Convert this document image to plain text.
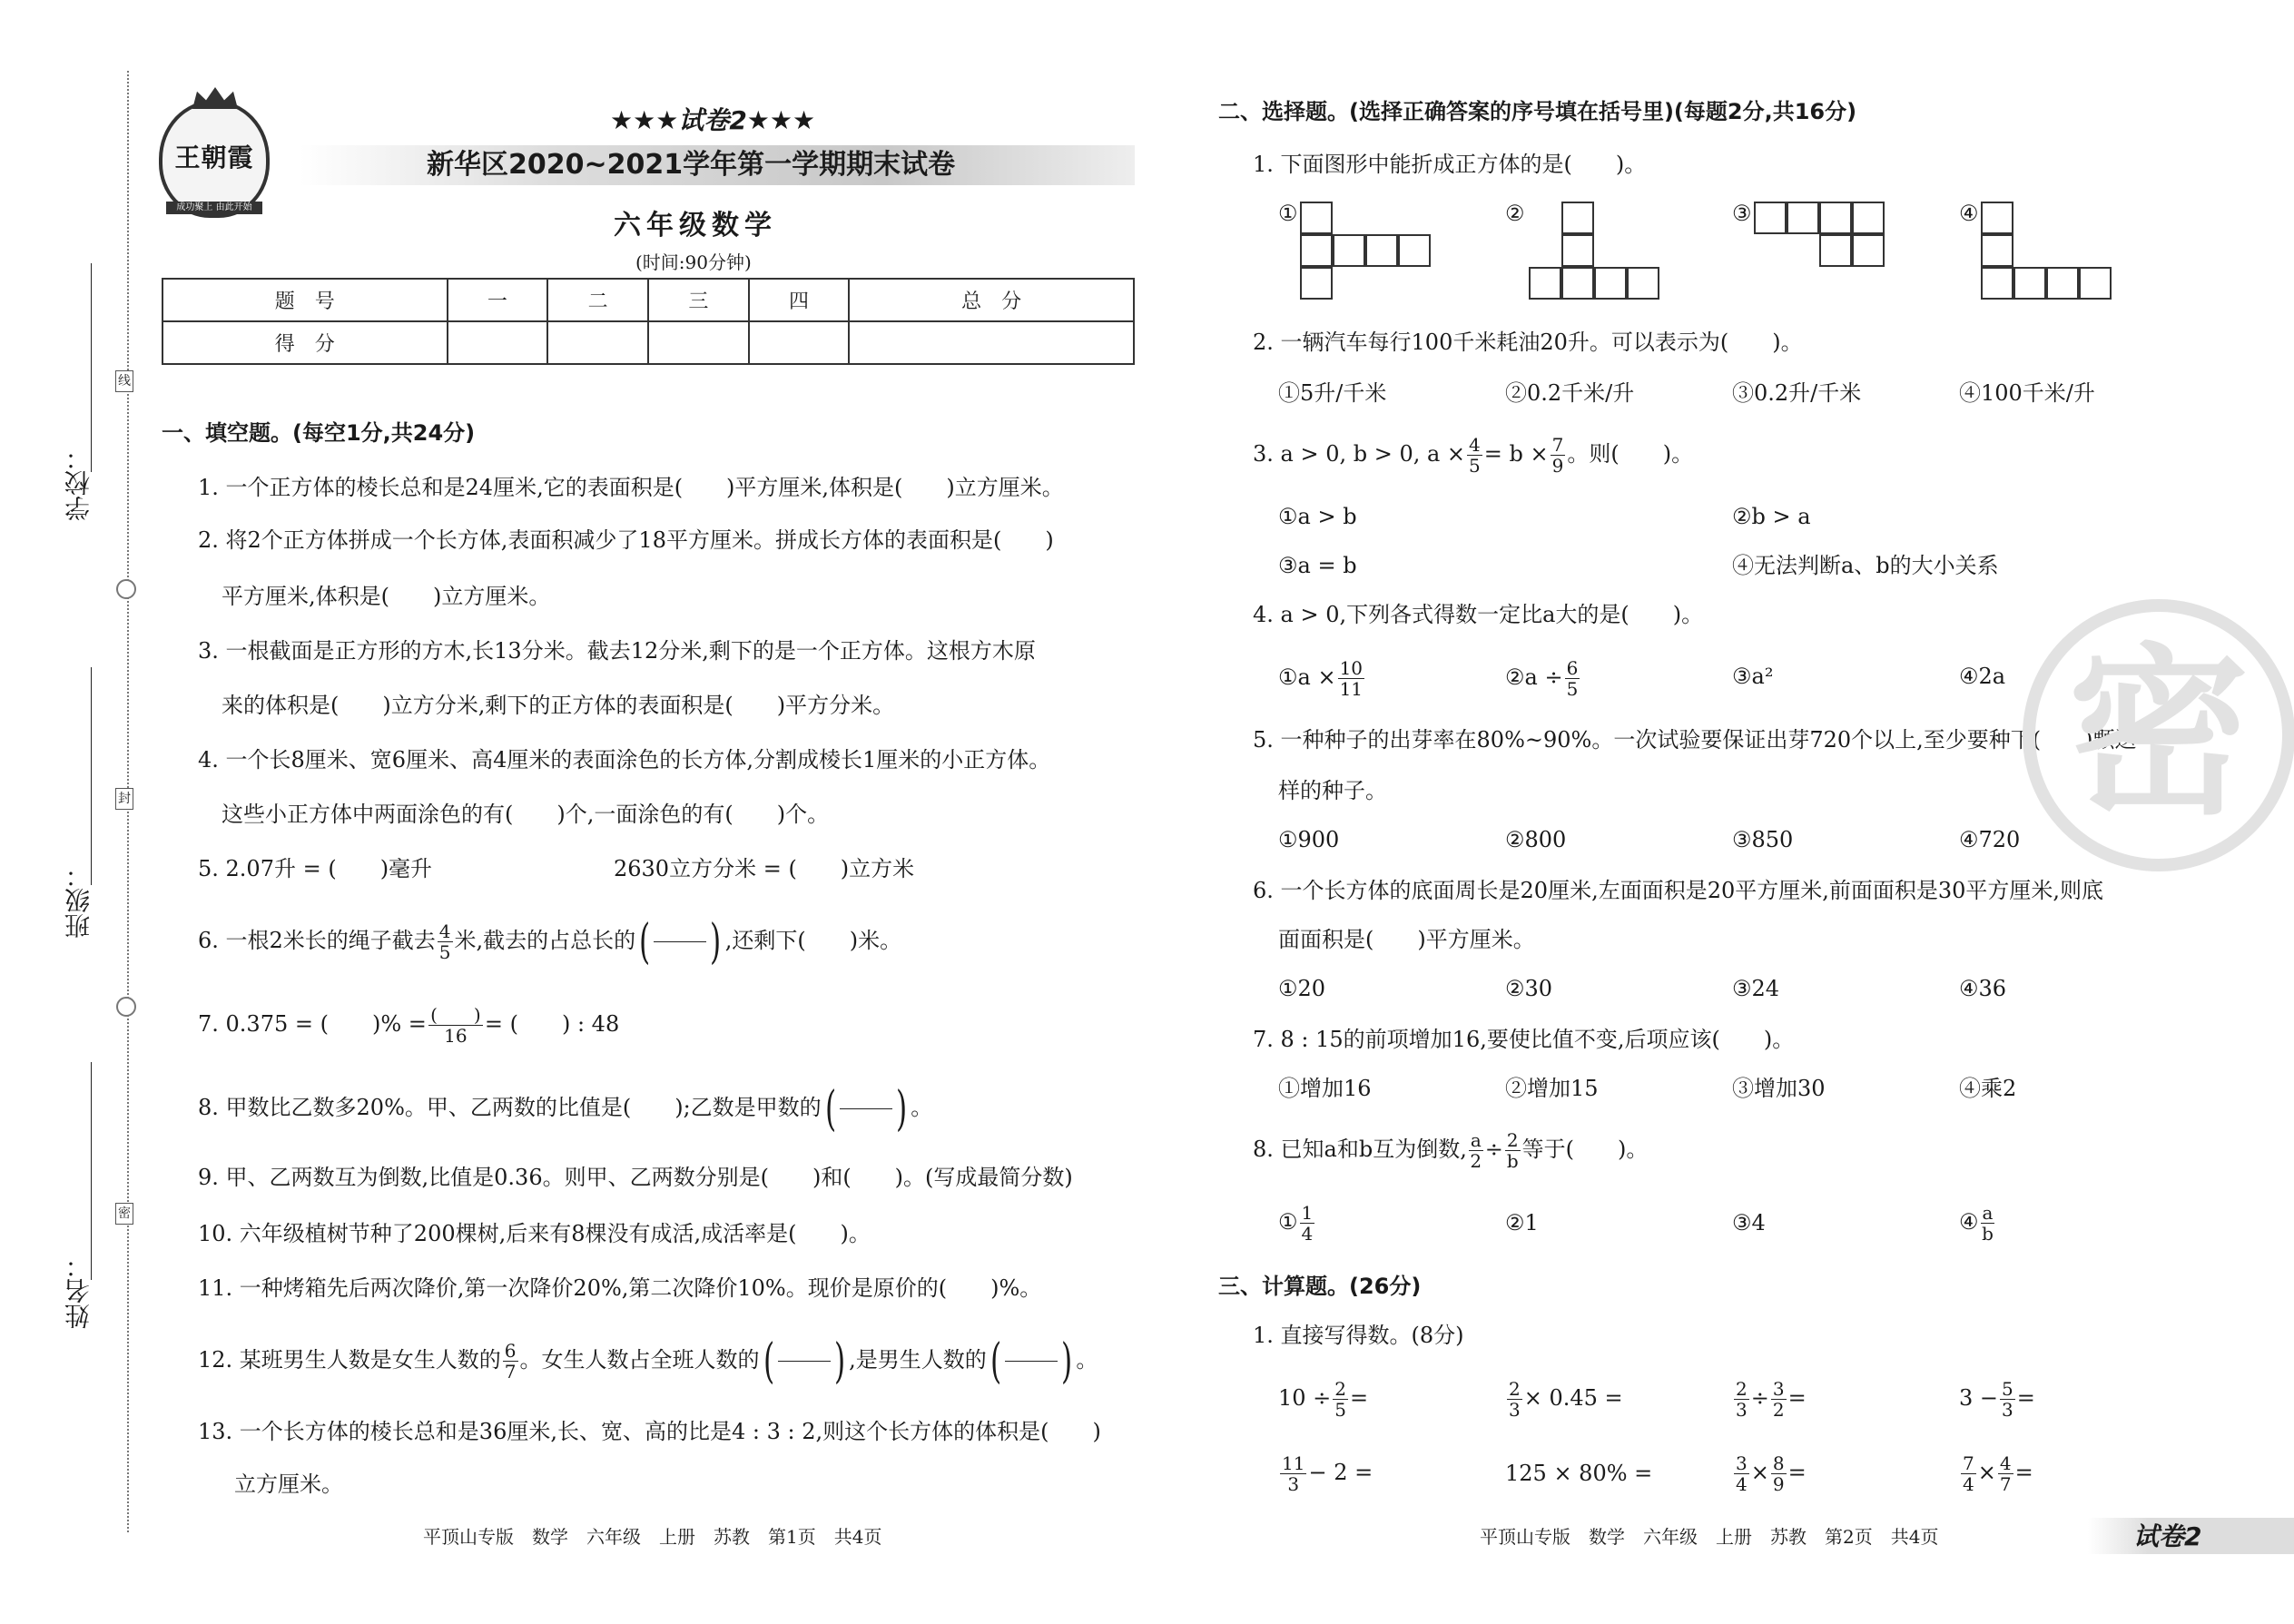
学校：
班级：
姓名：
线
封
密
王朝霞
成功聚上 由此开始
★★★试卷2★★★
新华区2020~2021学年第一学期期末试卷
六年级数学
(时间:90分钟)
题　号	一	二	三	四	总　分
得　分					
一、填空题。(每空1分,共24分)
1. 一个正方体的棱长总和是24厘米,它的表面积是(　　)平方厘米,体积是(　　)立方厘米。
2. 将2个正方体拼成一个长方体,表面积减少了18平方厘米。拼成长方体的表面积是(　　)
平方厘米,体积是(　　)立方厘米。
3. 一根截面是正方形的方木,长13分米。截去12分米,剩下的是一个正方体。这根方木原
来的体积是(　　)立方分米,剩下的正方体的表面积是(　　)平方分米。
4. 一个长8厘米、宽6厘米、高4厘米的表面涂色的长方体,分割成棱长1厘米的小正方体。
这些小正方体中两面涂色的有(　　)个,一面涂色的有(　　)个。
5. 2.07升 = (　　)毫升	2630立方分米 = (　　)立方米
6. 一根2米长的绳子截去 $\frac{4}{5}$ 米,截去的占总长的( ) ,还剩下(　　)米。
7. 0.375 = (　　)% = $\frac{( )}{16}$ = (　　) : 48
8. 甲数比乙数多20%。甲、乙两数的比值是(　　);乙数是甲数的( ) 。
9. 甲、乙两数互为倒数,比值是0.36。则甲、乙两数分别是(　　)和(　　)。(写成最简分数)
10. 六年级植树节种了200棵树,后来有8棵没有成活,成活率是(　　)。
11. 一种烤箱先后两次降价,第一次降价20%,第二次降价10%。现价是原价的(　　)%。
12. 某班男生人数是女生人数的 $\frac{6}{7}$ 。女生人数占全班人数的( ) ,是男生人数的( ) 。
13. 一个长方体的棱长总和是36厘米,长、宽、高的比是4 : 3 : 2,则这个长方体的体积是(　　)
立方厘米。
二、选择题。(选择正确答案的序号填在括号里)(每题2分,共16分)
1. 下面图形中能折成正方体的是(　　)。
①	②	③	④
2. 一辆汽车每行100千米耗油20升。可以表示为(　　)。
①5升/千米	②0.2千米/升	③0.2升/千米	④100千米/升
3. a > 0, b > 0, $a \times \frac{4}{5} = b \times \frac{7}{9}$ 。则(　　)。
①a > b	②b > a
③a = b	④无法判断a、b的大小关系
4. a > 0,下列各式得数一定比a大的是(　　)。
①a × $\frac{10}{11}$	②a ÷ $\frac{6}{5}$	③a²	④2a
5. 一种种子的出芽率在80%~90%。一次试验要保证出芽720个以上,至少要种下(　　)颗这
样的种子。
①900	②800	③850	④720
6. 一个长方体的底面周长是20厘米,左面面积是20平方厘米,前面面积是30平方厘米,则底
面面积是(　　)平方厘米。
①20	②30	③24	④36
7. 8 : 15的前项增加16,要使比值不变,后项应该(　　)。
①增加16	②增加15	③增加30	④乘2
8. 已知a和b互为倒数, $\frac{a}{2} \div \frac{2}{b}$ 等于(　　)。
① $\frac{1}{4}$	②1	③4	④ $\frac{a}{b}$
三、计算题。(26分)
1. 直接写得数。(8分)
$10 \div \frac{2}{5}$ =	$\frac{2}{3} \times 0.45$ =	$\frac{2}{3} \div \frac{3}{2}$ =	$3 - \frac{5}{3}$ =
$\frac{11}{3} - 2$ =	125 × 80% =	$\frac{3}{4} \times \frac{8}{9}$ =	$\frac{7}{4} \times \frac{4}{7}$ =
平顶山专版　数学　六年级　上册　苏教　第1页　共4页	平顶山专版　数学　六年级　上册　苏教　第2页　共4页	试卷2
密
